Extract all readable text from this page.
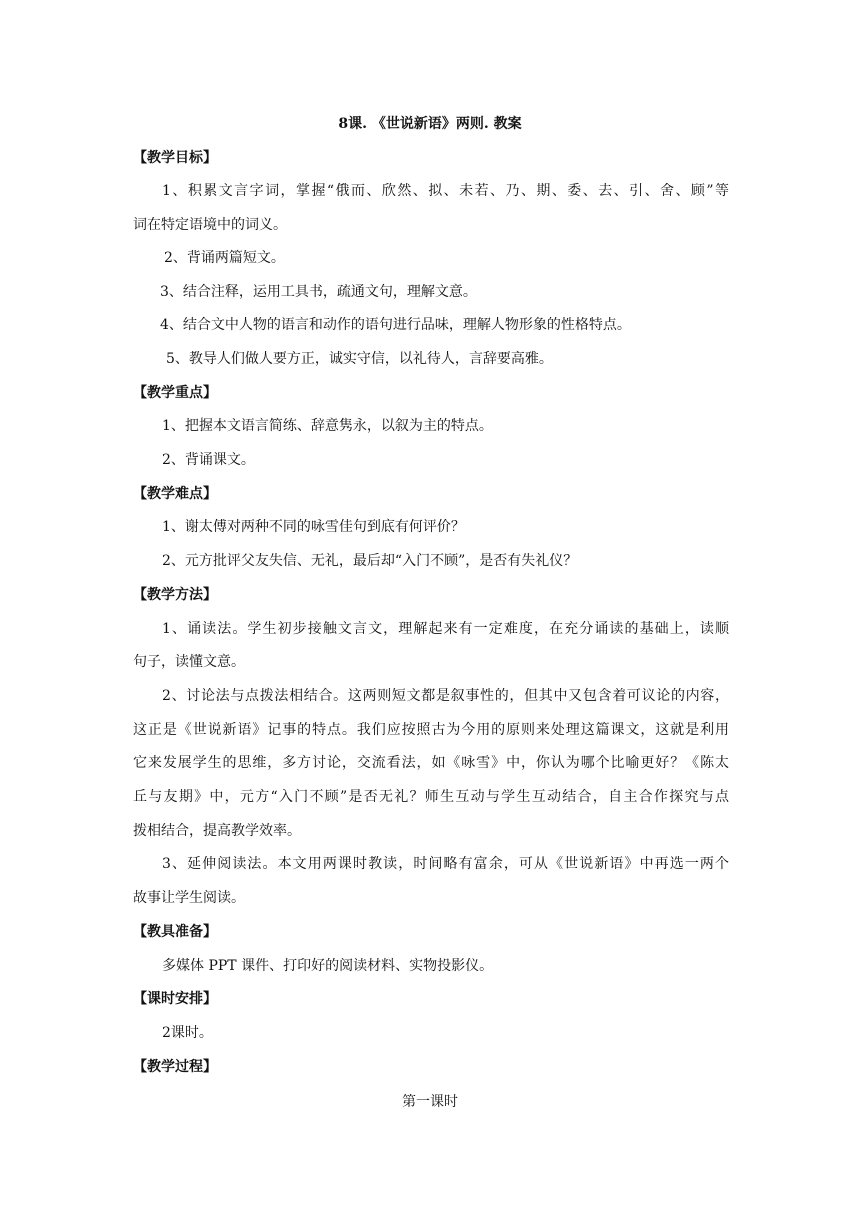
8课. 《世说新语》两则. 教案
【教学目标】
1、积累文言字词，掌握“俄而、欣然、拟、未若、乃、期、委、去、引、舍、顾”等
词在特定语境中的词义。
2、背诵两篇短文。
3、结合注释，运用工具书，疏通文句，理解文意。
4、结合文中人物的语言和动作的语句进行品味，理解人物形象的性格特点。
5、教导人们做人要方正，诚实守信，以礼待人，言辞要高雅。
【教学重点】
1、把握本文语言简练、辞意隽永，以叙为主的特点。
2、背诵课文。
【教学难点】
1、谢太傅对两种不同的咏雪佳句到底有何评价？
2、元方批评父友失信、无礼，最后却“入门不顾”，是否有失礼仪？
【教学方法】
1、诵读法。学生初步接触文言文，理解起来有一定难度，在充分诵读的基础上，读顺
句子，读懂文意。
2、讨论法与点拨法相结合。这两则短文都是叙事性的，但其中又包含着可议论的内容，
这正是《世说新语》记事的特点。我们应按照古为今用的原则来处理这篇课文，这就是利用
它来发展学生的思维，多方讨论，交流看法，如《咏雪》中，你认为哪个比喻更好？《陈太
丘与友期》中，元方“入门不顾”是否无礼？师生互动与学生互动结合，自主合作探究与点
拨相结合，提高教学效率。
3、延伸阅读法。本文用两课时教读，时间略有富余，可从《世说新语》中再选一两个
故事让学生阅读。
【教具准备】
多媒体 PPT 课件、打印好的阅读材料、实物投影仪。
【课时安排】
2课时。
【教学过程】
第一课时
